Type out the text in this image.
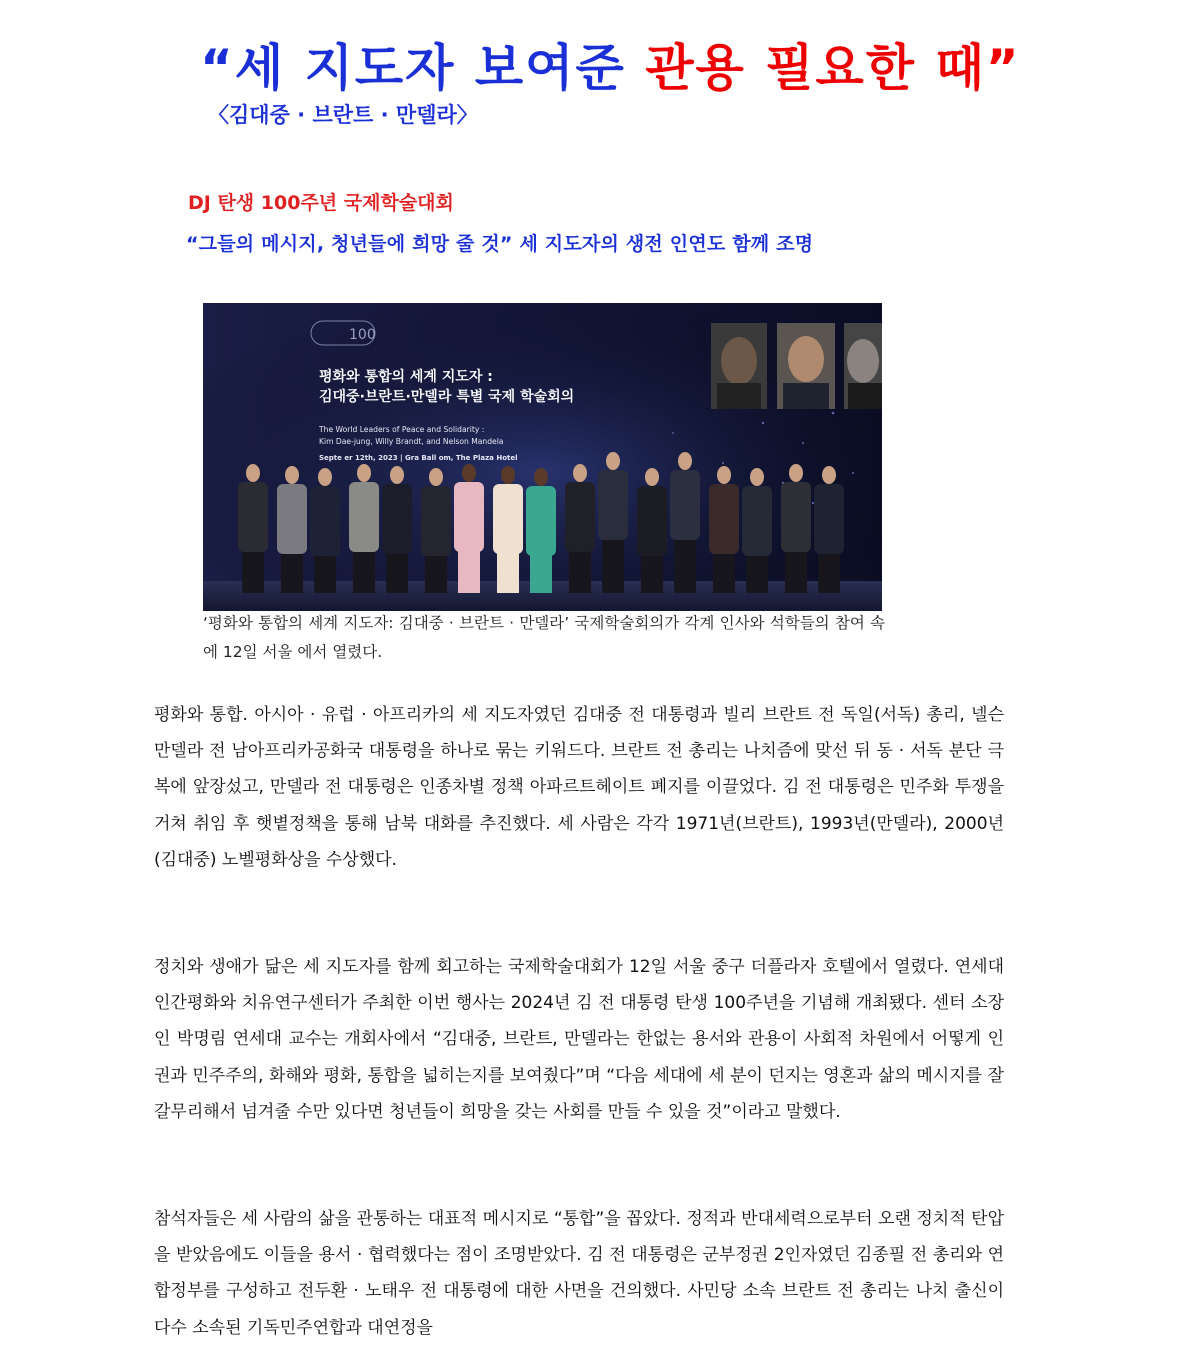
“세 지도자 보여준 관용 필요한 때”
〈김대중 · 브란트 · 만델라〉
DJ 탄생 100주년 국제학술대회
“그들의 메시지, 청년들에 희망 줄 것” 세 지도자의 생전 인연도 함께 조명
100
평화와 통합의 세계 지도자 :
김대중·브란트·만델라 특별 국제 학술회의
The World Leaders of Peace and Solidarity :
Kim Dae-jung, Willy Brandt, and Nelson Mandela
Septe er 12th, 2023 | Gra Ball om, The Plaza Hotel
‘평화와 통합의 세계 지도자: 김대중 · 브란트 · 만델라’ 국제학술회의가 각계 인사와 석학들의 참여 속에 12일 서울 에서 열렸다.

평화와 통합. 아시아 · 유럽 · 아프리카의 세 지도자였던 김대중 전 대통령과 빌리 브란트 전 독일(서독) 총리, 넬슨 만델라 전 남아프리카공화국 대통령을 하나로 묶는 키워드다. 브란트 전 총리는 나치즘에 맞선 뒤 동 · 서독 분단 극복에 앞장섰고, 만델라 전 대통령은 인종차별 정책 아파르트헤이트 폐지를 이끌었다. 김 전 대통령은 민주화 투쟁을 거쳐 취임 후 햇볕정책을 통해 남북 대화를 추진했다. 세 사람은 각각 1971년(브란트), 1993년(만델라), 2000년(김대중) 노벨평화상을 수상했다.

정치와 생애가 닮은 세 지도자를 함께 회고하는 국제학술대회가 12일 서울 중구 더플라자 호텔에서 열렸다. 연세대 인간평화와 치유연구센터가 주최한 이번 행사는 2024년 김 전 대통령 탄생 100주년을 기념해 개최됐다. 센터 소장인 박명림 연세대 교수는 개회사에서 “김대중, 브란트, 만델라는 한없는 용서와 관용이 사회적 차원에서 어떻게 인권과 민주주의, 화해와 평화, 통합을 넓히는지를 보여줬다”며 “다음 세대에 세 분이 던지는 영혼과 삶의 메시지를 잘 갈무리해서 넘겨줄 수만 있다면 청년들이 희망을 갖는 사회를 만들 수 있을 것”이라고 말했다.

참석자들은 세 사람의 삶을 관통하는 대표적 메시지로 “통합”을 꼽았다. 정적과 반대세력으로부터 오랜 정치적 탄압을 받았음에도 이들을 용서 · 협력했다는 점이 조명받았다. 김 전 대통령은 군부정권 2인자였던 김종필 전 총리와 연합정부를 구성하고 전두환 · 노태우 전 대통령에 대한 사면을 건의했다. 사민당 소속 브란트 전 총리는 나치 출신이 다수 소속된 기독민주연합과 대연정을
